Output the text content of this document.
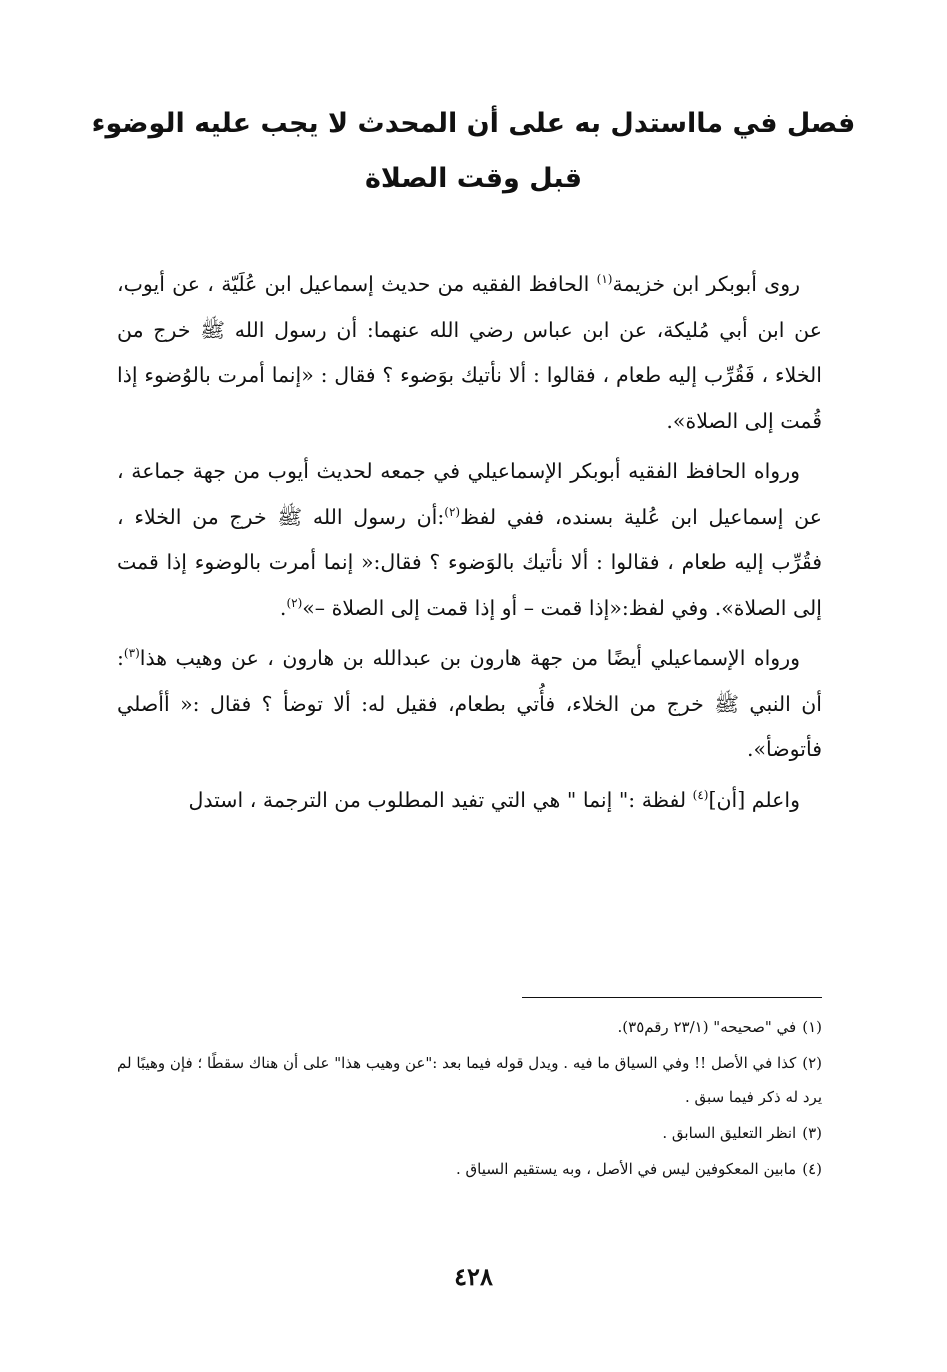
فصل في مااستدل به على أن المحدث لا يجب عليه الوضوء
قبل وقت الصلاة

روى أبوبكر ابن خزيمة$^{(١)}$ الحافظ الفقيه من حديث إسماعيل ابن عُلَيّة ، عن أيوب، عن ابن أبي مُليكة، عن ابن عباس رضي الله عنهما: أن رسول الله ﷺ خرج من الخلاء ، فَقُرِّب إليه طعام ، فقالوا : ألا نأتيك بوَضوء ؟ فقال : «إنما أمرت بالوُضوء إذا قُمت إلى الصلاة».

ورواه الحافظ الفقيه أبوبكر الإسماعيلي في جمعه لحديث أيوب من جهة جماعة ، عن إسماعيل ابن عُلية بسنده، ففي لفظ$^{(٢)}$:أن رسول الله ﷺ خرج من الخلاء ، فقُرِّب إليه طعام ، فقالوا : ألا نأتيك بالوَضوء ؟ فقال:« إنما أمرت بالوضوء إذا قمت إلى الصلاة». وفي لفظ:«إذا قمت – أو إذا قمت إلى الصلاة –»$^{(٢)}$.

ورواه الإسماعيلي أيضًا من جهة هارون بن عبدالله بن هارون ، عن وهيب هذا$^{(٣)}$: أن النبي ﷺ خرج من الخلاء، فأُتي بطعام، فقيل له: ألا توضأ ؟ فقال :« أأصلي فأتوضأ».

واعلم [أن]$^{(٤)}$ لفظة :" إنما " هي التي تفيد المطلوب من الترجمة ، استدل

(١)في "صحيحه" (٢٣/١ رقم٣٥).

(٢)كذا في الأصل !! وفي السياق ما فيه . ويدل قوله فيما بعد :"عن وهيب هذا" على أن هناك سقطًا ؛ فإن وهيبًا لم يرد له ذكر فيما سبق .

(٣)انظر التعليق السابق .

(٤)مابين المعكوفين ليس في الأصل ، وبه يستقيم السياق .

٤٢٨
